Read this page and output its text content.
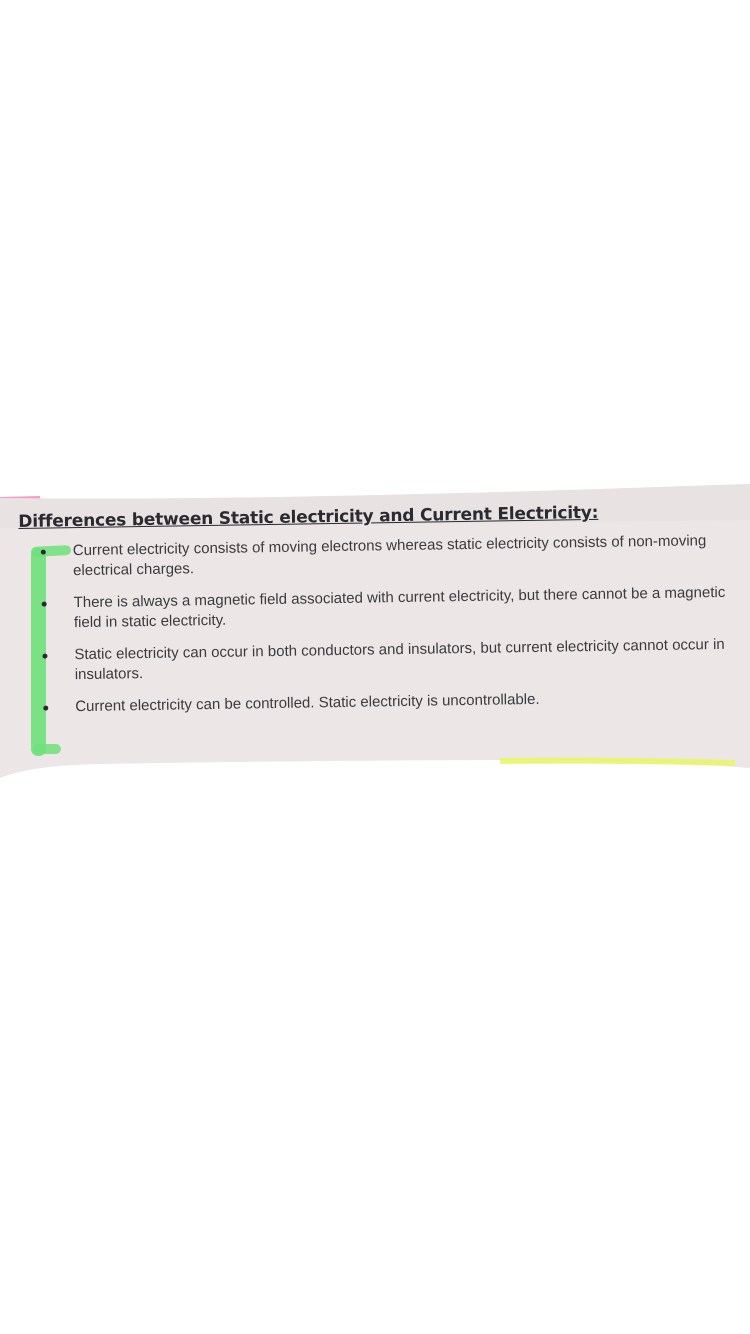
Differences between Static electricity and Current Electricity:
Current electricity consists of moving electrons whereas static electricity consists of non-moving electrical charges.
There is always a magnetic field associated with current electricity, but there cannot be a magnetic field in static electricity.
Static electricity can occur in both conductors and insulators, but current electricity cannot occur in insulators.
Current electricity can be controlled. Static electricity is uncontrollable.
